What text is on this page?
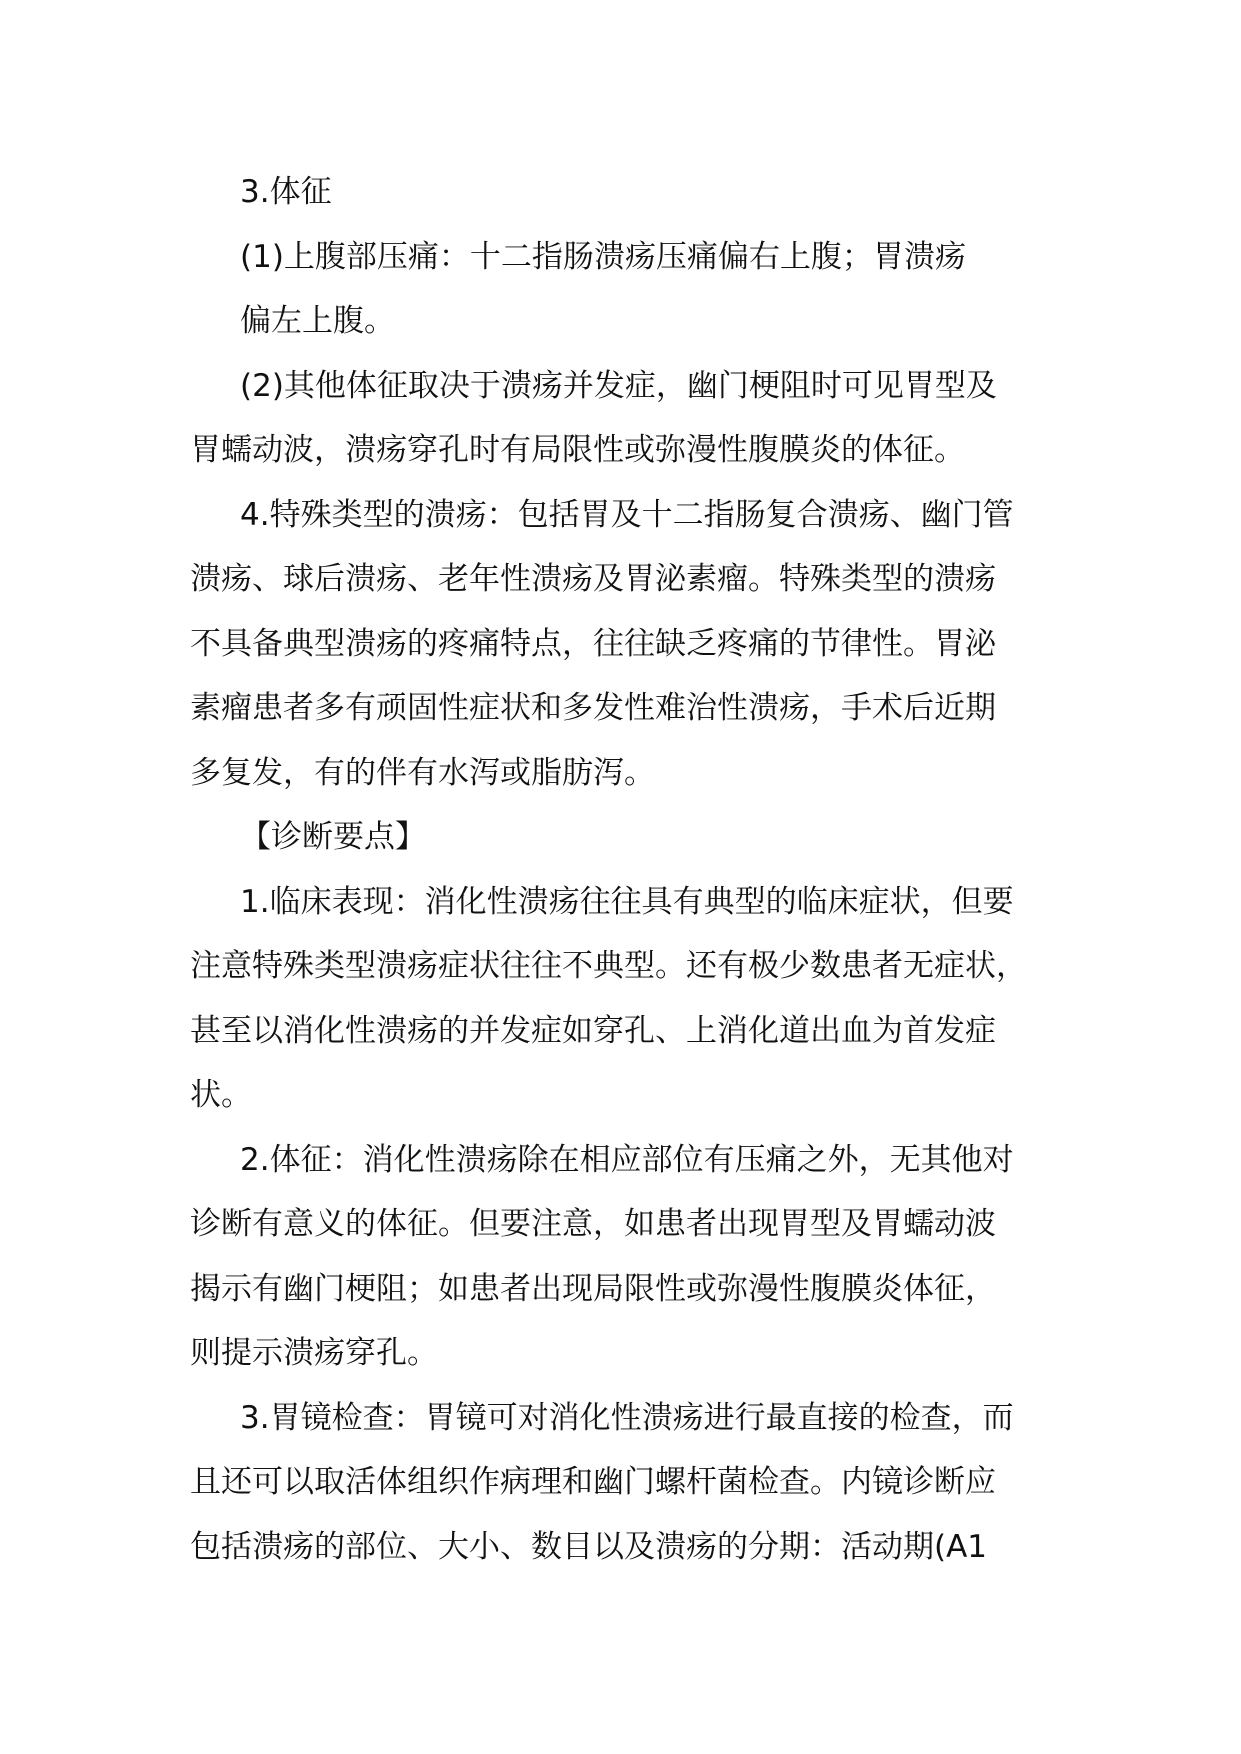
3.体征
(1)上腹部压痛：十二指肠溃疡压痛偏右上腹；胃溃疡
偏左上腹。
(2)其他体征取决于溃疡并发症，幽门梗阻时可见胃型及
胃蠕动波，溃疡穿孔时有局限性或弥漫性腹膜炎的体征。
4.特殊类型的溃疡：包括胃及十二指肠复合溃疡、幽门管
溃疡、球后溃疡、老年性溃疡及胃泌素瘤。特殊类型的溃疡
不具备典型溃疡的疼痛特点，往往缺乏疼痛的节律性。胃泌
素瘤患者多有顽固性症状和多发性难治性溃疡，手术后近期
多复发，有的伴有水泻或脂肪泻。
【诊断要点】
1.临床表现：消化性溃疡往往具有典型的临床症状，但要
注意特殊类型溃疡症状往往不典型。还有极少数患者无症状，
甚至以消化性溃疡的并发症如穿孔、上消化道出血为首发症
状。
2.体征：消化性溃疡除在相应部位有压痛之外，无其他对
诊断有意义的体征。但要注意，如患者出现胃型及胃蠕动波
揭示有幽门梗阻；如患者出现局限性或弥漫性腹膜炎体征，
则提示溃疡穿孔。
3.胃镜检查：胃镜可对消化性溃疡进行最直接的检查，而
且还可以取活体组织作病理和幽门螺杆菌检查。内镜诊断应
包括溃疡的部位、大小、数目以及溃疡的分期：活动期(A1
